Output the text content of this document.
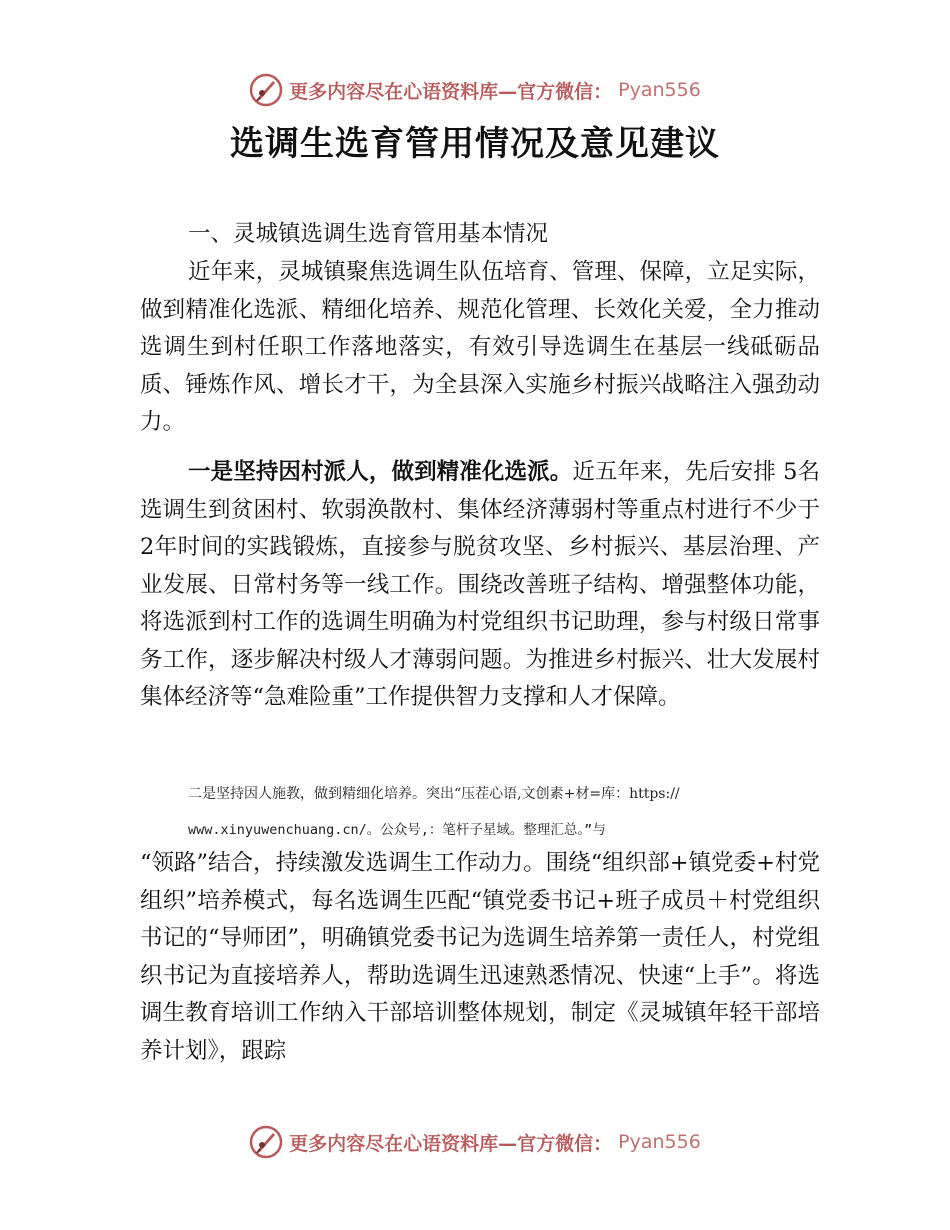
更多内容尽在心语资料库—官方微信： Pyan556
选调生选育管用情况及意见建议

一、灵城镇选调生选育管用基本情况

近年来，灵城镇聚焦选调生队伍培育、管理、保障，立足实际，做到精准化选派、精细化培养、规范化管理、长效化关爱，全力推动选调生到村任职工作落地落实，有效引导选调生在基层一线砥砺品质、锤炼作风、增长才干，为全县深入实施乡村振兴战略注入强劲动力。

一是坚持因村派人，做到精准化选派。近五年来，先后安排 5名选调生到贫困村、软弱涣散村、集体经济薄弱村等重点村进行不少于 2年时间的实践锻炼，直接参与脱贫攻坚、乡村振兴、基层治理、产业发展、日常村务等一线工作。围绕改善班子结构、增强整体功能，将选派到村工作的选调生明确为村党组织书记助理，参与村级日常事务工作，逐步解决村级人才薄弱问题。为推进乡村振兴、壮大发展村集体经济等“急难险重”工作提供智力支撑和人才保障。

二是坚持因人施教，做到精细化培养。突出“压茬心语,文创素+材=库：https://

www.xinyuwenchuang.cn/。公众号,：笔杆子星域。整理汇总。”与

“领路”结合，持续激发选调生工作动力。围绕“组织部+镇党委+村党组织”培养模式，每名选调生匹配“镇党委书记+班子成员＋村党组织书记的“导师团”，明确镇党委书记为选调生培养第一责任人，村党组织书记为直接培养人，帮助选调生迅速熟悉情况、快速“上手”。将选调生教育培训工作纳入干部培训整体规划，制定《灵城镇年轻干部培养计划》，跟踪

更多内容尽在心语资料库—官方微信： Pyan556
